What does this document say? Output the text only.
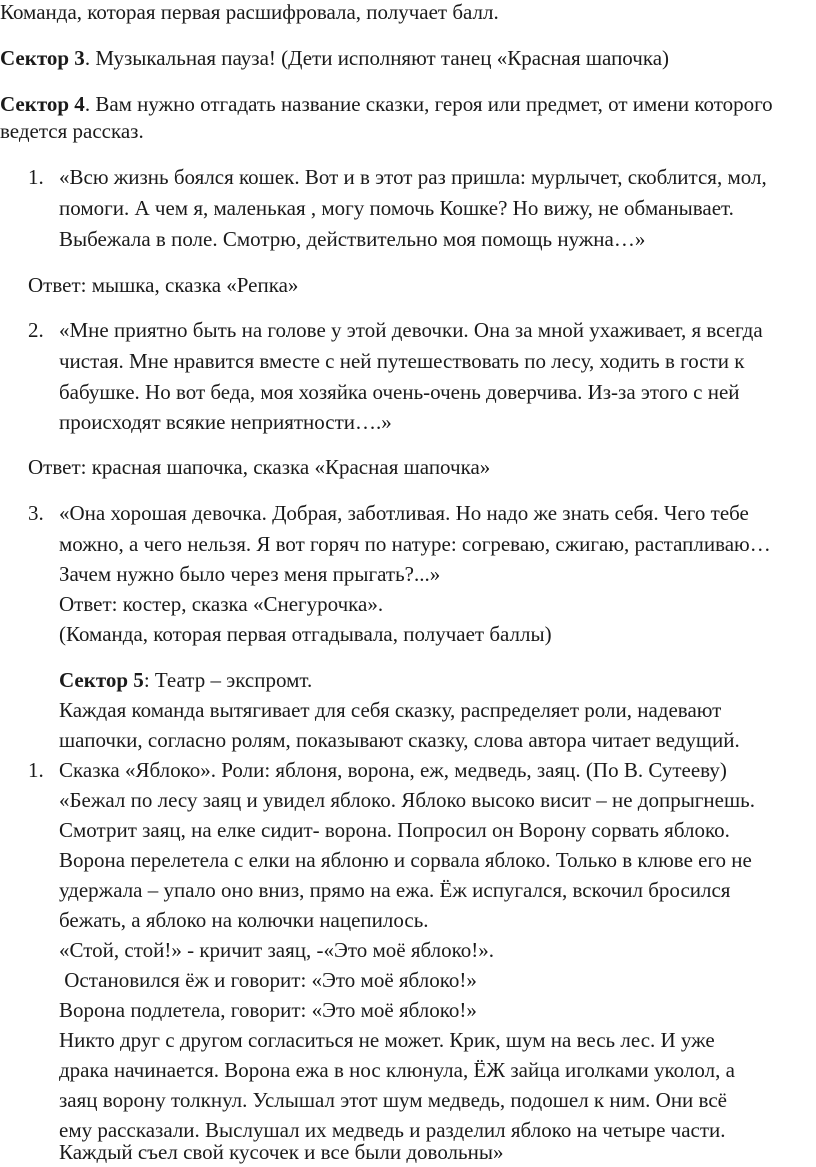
Команда, которая первая расшифровала, получает балл.
Сектор 3. Музыкальная пауза! (Дети исполняют танец «Красная шапочка)
Сектор 4. Вам нужно отгадать название сказки, героя или предмет, от имени которого
ведется рассказ.
1. «Всю жизнь боялся кошек. Вот и в этот раз пришла: мурлычет, скоблится, мол,
помоги. А чем я, маленькая , могу помочь Кошке? Но вижу, не обманывает.
Выбежала в поле. Смотрю, действительно моя помощь нужна…»
Ответ: мышка, сказка «Репка»
2. «Мне приятно быть на голове у этой девочки. Она за мной ухаживает, я всегда
чистая. Мне нравится вместе с ней путешествовать по лесу, ходить в гости к
бабушке. Но вот беда, моя хозяйка очень-очень доверчива. Из-за этого с ней
происходят всякие неприятности….»
Ответ: красная шапочка, сказка «Красная шапочка»
3. «Она хорошая девочка. Добрая, заботливая. Но надо же знать себя. Чего тебе
можно, а чего нельзя. Я вот горяч по натуре: согреваю, сжигаю, растапливаю…
Зачем нужно было через меня прыгать?...»
Ответ: костер, сказка «Снегурочка».
(Команда, которая первая отгадывала, получает баллы)
Сектор 5: Театр – экспромт.
Каждая команда вытягивает для себя сказку, распределяет роли, надевают
шапочки, согласно ролям, показывают сказку, слова автора читает ведущий.
1. Сказка «Яблоко». Роли: яблоня, ворона, еж, медведь, заяц. (По В. Сутееву)
«Бежал по лесу заяц и увидел яблоко. Яблоко высоко висит – не допрыгнешь.
Смотрит заяц, на елке сидит- ворона. Попросил он Ворону сорвать яблоко.
Ворона перелетела с елки на яблоню и сорвала яблоко. Только в клюве его не
удержала – упало оно вниз, прямо на ежа. Ёж испугался, вскочил бросился
бежать, а яблоко на колючки нацепилось.
«Стой, стой!» - кричит заяц, -«Это моё яблоко!».
Остановился ёж и говорит: «Это моё яблоко!»
Ворона подлетела, говорит: «Это моё яблоко!»
Никто друг с другом согласиться не может. Крик, шум на весь лес. И уже
драка начинается. Ворона ежа в нос клюнула, ЁЖ зайца иголками уколол, а
заяц ворону толкнул. Услышал этот шум медведь, подошел к ним. Они всё
ему рассказали. Выслушал их медведь и разделил яблоко на четыре части.
Каждый съел свой кусочек и все были довольны»
